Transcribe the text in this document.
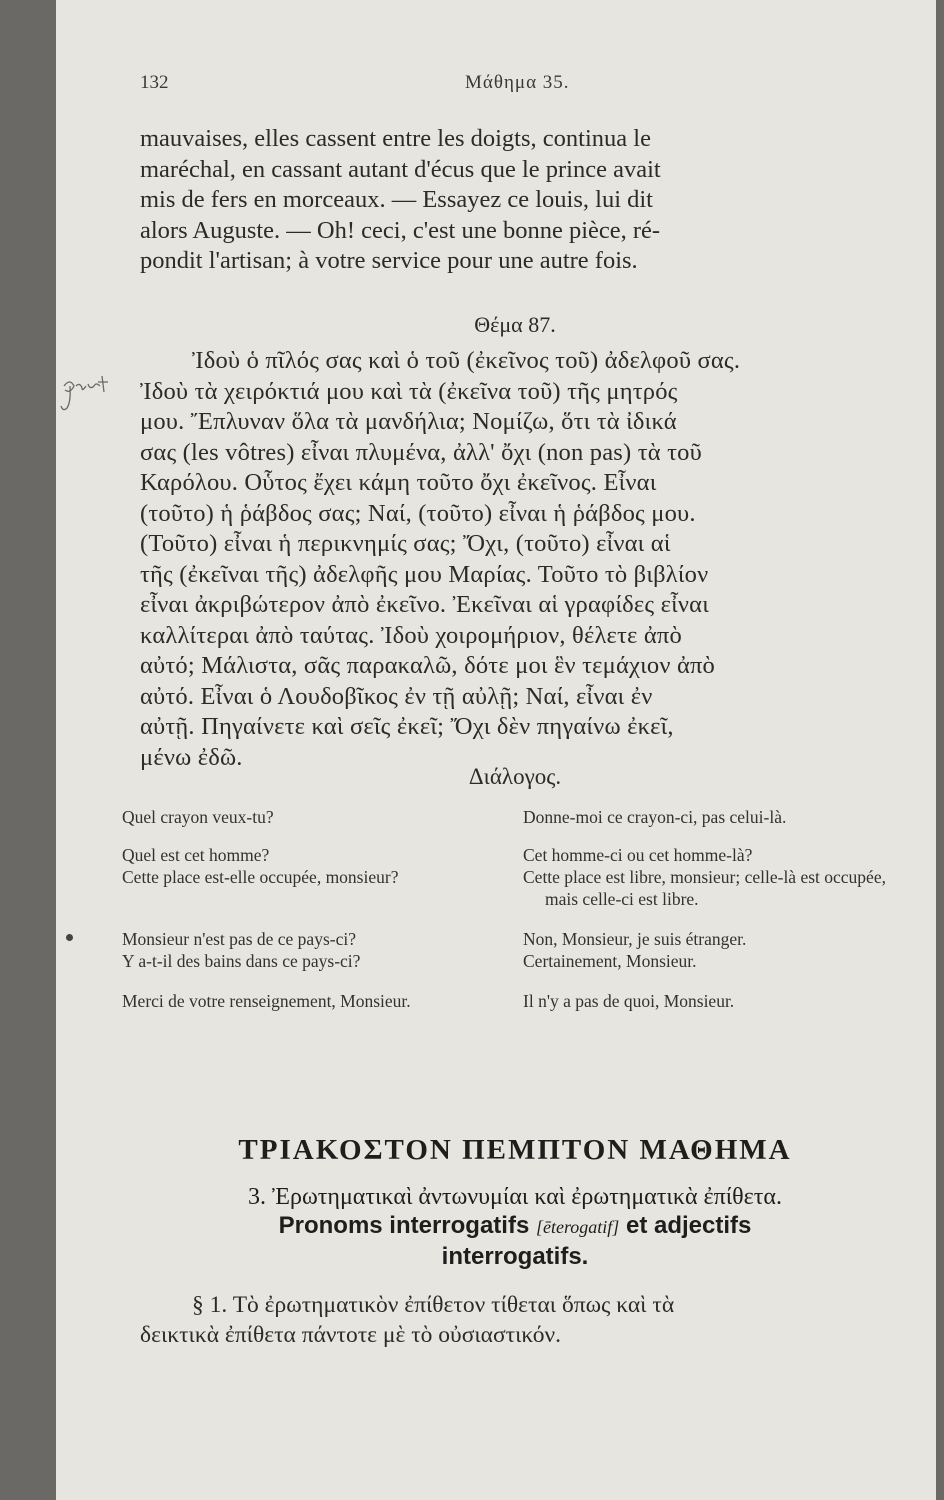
132	Μάθημα 35.

mauvaises, elles cassent entre les doigts, continua le

maréchal, en cassant autant d'écus que le prince avait

mis de fers en morceaux. — Essayez ce louis, lui dit

alors Auguste. — Oh! ceci, c'est une bonne pièce, ré-

pondit l'artisan; à votre service pour une autre fois.

Θέμα 87.

Ἰδοὺ ὁ πῖλός σας καὶ ὁ τοῦ (ἐκεῖνος τοῦ) ἀδελφοῦ σας.

Ἰδοὺ τὰ χειρόκτιά μου καὶ τὰ (ἐκεῖνα τοῦ) τῆς μητρός

μου. Ἔπλυναν ὅλα τὰ μανδήλια; Νομίζω, ὅτι τὰ ἰδικά

σας (les vôtres) εἶναι πλυμένα, ἀλλ' ὄχι (non pas) τὰ τοῦ

Καρόλου. Οὗτος ἔχει κάμη τοῦτο ὄχι ἐκεῖνος. Εἶναι

(τοῦτο) ἡ ῥάβδος σας; Ναί, (τοῦτο) εἶναι ἡ ῥάβδος μου.

(Τοῦτο) εἶναι ἡ περικνημίς σας; Ὄχι, (τοῦτο) εἶναι αἱ

τῆς (ἐκεῖναι τῆς) ἀδελφῆς μου Μαρίας. Τοῦτο τὸ βιβλίον

εἶναι ἀκριβώτερον ἀπὸ ἐκεῖνο. Ἐκεῖναι αἱ γραφίδες εἶναι

καλλίτεραι ἀπὸ ταύτας. Ἰδοὺ χοιρομήριον, θέλετε ἀπὸ

αὐτό; Μάλιστα, σᾶς παρακαλῶ, δότε μοι ἓν τεμάχιον ἀπὸ

αὐτό. Εἶναι ὁ Λουδοβῖκος ἐν τῇ αὐλῇ; Ναί, εἶναι ἐν

αὐτῇ. Πηγαίνετε καὶ σεῖς ἐκεῖ; Ὄχι δὲν πηγαίνω ἐκεῖ,

μένω ἐδῶ.

Διάλογος.
Quel crayon veux-tu?	Donne-moi ce crayon-ci, pas celui-là.
Quel est cet homme?	Cet homme-ci ou cet homme-là?
Cette place est-elle occupée, monsieur?	Cette place est libre, monsieur; celle-là est occupée, mais celle-ci est libre.
Monsieur n'est pas de ce pays-ci?	Non, Monsieur, je suis étranger.
Y a-t-il des bains dans ce pays-ci?	Certainement, Monsieur.
Merci de votre renseignement, Monsieur.	Il n'y a pas de quoi, Monsieur.
ΤΡΙΑΚΟΣΤΟΝ ΠΕΜΠΤΟΝ ΜΑΘΗΜΑ
3. Ἐρωτηματικαὶ ἀντωνυμίαι καὶ ἐρωτηματικὰ ἐπίθετα.
Pronoms interrogatifs [ēterogatif] et adjectifs
interrogatifs.

§ 1. Τὸ ἐρωτηματικὸν ἐπίθετον τίθεται ὅπως καὶ τὰ

δεικτικὰ ἐπίθετα πάντοτε μὲ τὸ οὐσιαστικόν.
